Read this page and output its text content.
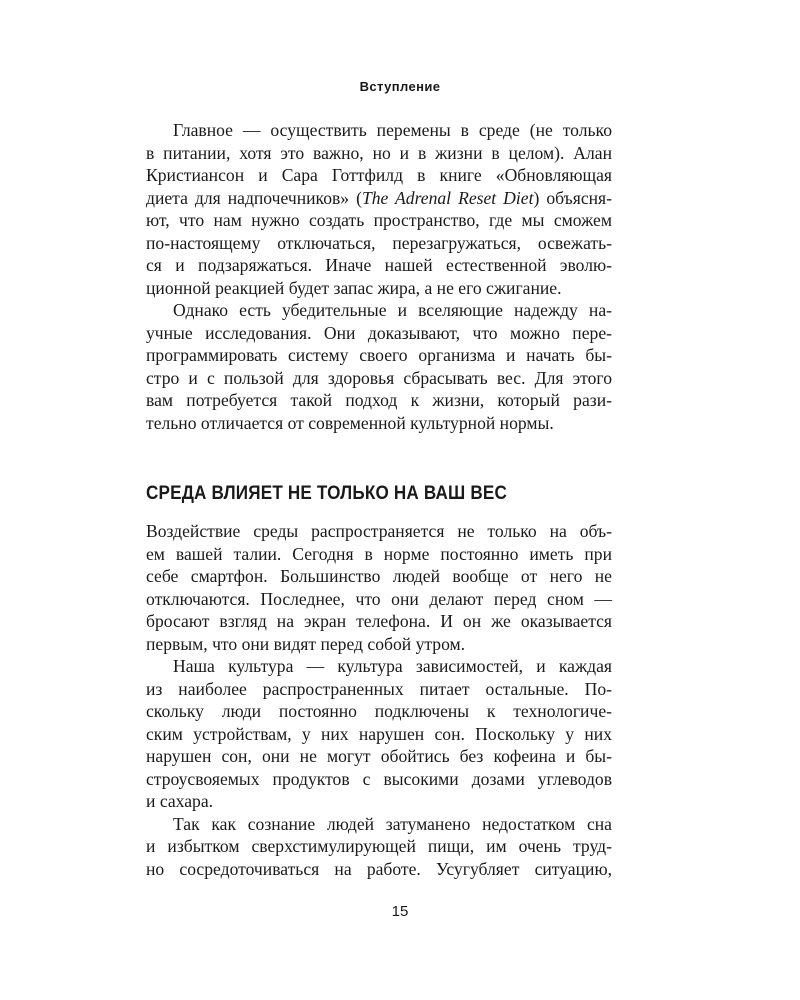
Вступление
Главное — осуществить перемены в среде (не только
в питании, хотя это важно, но и в жизни в целом). Алан
Кристиансон и Сара Готтфилд в книге «Обновляющая
диета для надпочечников» (The Adrenal Reset Diet) объясня-
ют, что нам нужно создать пространство, где мы сможем
по-настоящему отключаться, перезагружаться, освежать-
ся и подзаряжаться. Иначе нашей естественной эволю-
ционной реакцией будет запас жира, а не его сжигание.
Однако есть убедительные и вселяющие надежду на-
учные исследования. Они доказывают, что можно пере-
программировать систему своего организма и начать бы-
стро и с пользой для здоровья сбрасывать вес. Для этого
вам потребуется такой подход к жизни, который рази-
тельно отличается от современной культурной нормы.
СРЕДА ВЛИЯЕТ НЕ ТОЛЬКО НА ВАШ ВЕС
Воздействие среды распространяется не только на объ-
ем вашей талии. Сегодня в норме постоянно иметь при
себе смартфон. Большинство людей вообще от него не
отключаются. Последнее, что они делают перед сном —
бросают взгляд на экран телефона. И он же оказывается
первым, что они видят перед собой утром.
Наша культура — культура зависимостей, и каждая
из наиболее распространенных питает остальные. По-
скольку люди постоянно подключены к технологиче-
ским устройствам, у них нарушен сон. Поскольку у них
нарушен сон, они не могут обойтись без кофеина и бы-
строусвояемых продуктов с высокими дозами углеводов
и сахара.
Так как сознание людей затуманено недостатком сна
и избытком сверхстимулирующей пищи, им очень труд-
но сосредоточиваться на работе. Усугубляет ситуацию,
15
